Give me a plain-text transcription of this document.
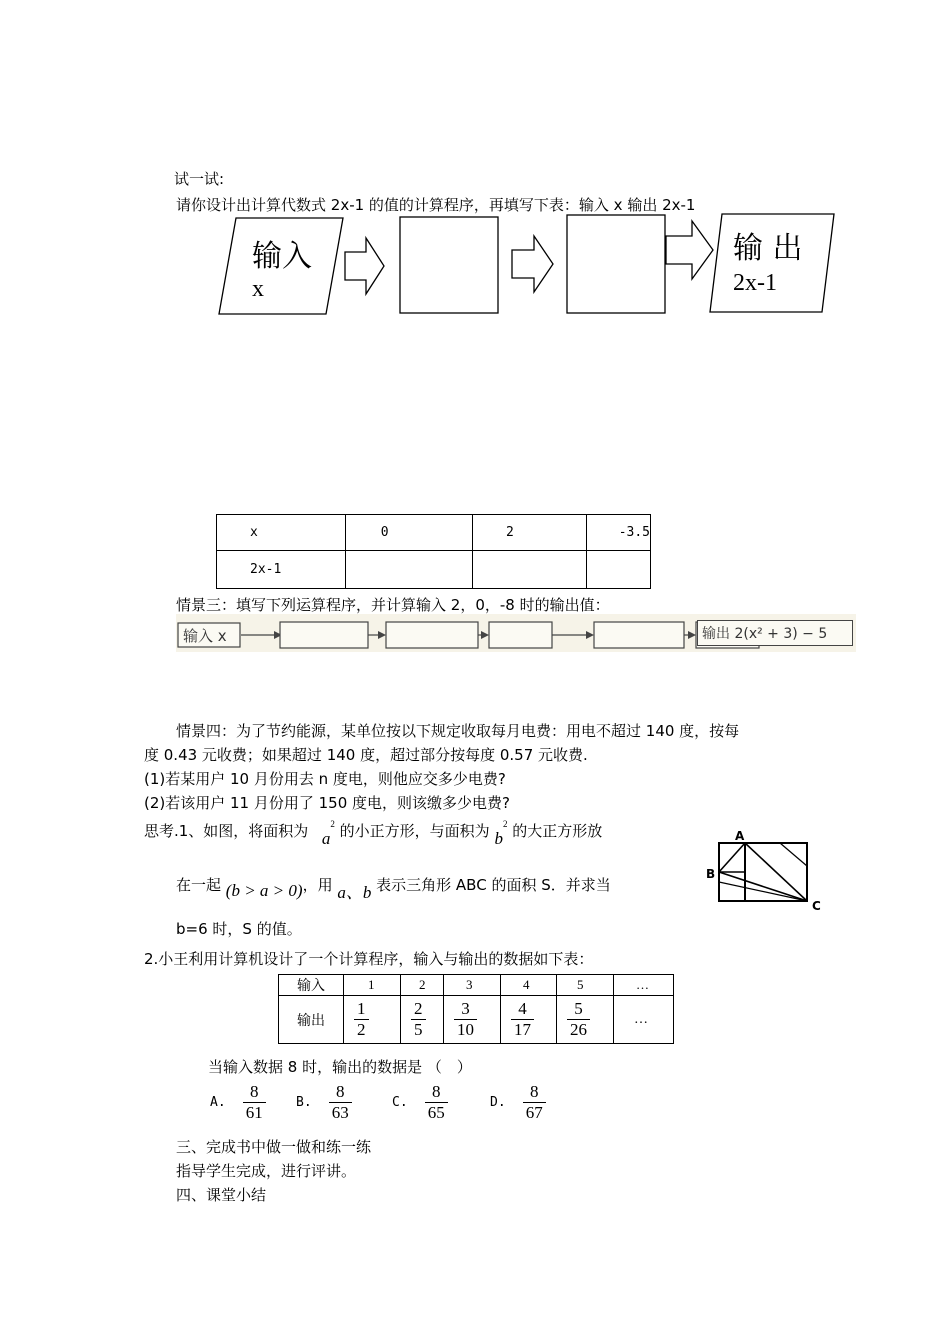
试一试:
请你设计出计算代数式 2x-1 的值的计算程序，再填写下表：输入 x 输出 2x-1
输入
x
输 出
2x-1
x	0	2	-3.5
2x-1			
情景三：填写下列运算程序，并计算输入 2，0，-8 时的输出值：
输入 x	输出 2(x² + 3) − 5
情景四：为了节约能源，某单位按以下规定收取每月电费：用电不超过 140 度，按每
度 0.43 元收费；如果超过 140 度，超过部分按每度 0.57 元收费.
(1)若某用户 10 月份用去 n 度电，则他应交多少电费?
(2)若该用户 11 月份用了 150 度电，则该缴多少电费?
思考.1、如图，将面积为 $a^2$ 的小正方形，与面积为 $b^2$ 的大正方形放
在一起 (b > a > 0)，用 a、b 表示三角形 ABC 的面积 S．并求当
b=6 时，S 的值。
A
B
C
2.小王利用计算机设计了一个计算程序，输入与输出的数据如下表：
输入	1	2	3	4	5	…
输出	$\frac{1}{2}$	$\frac{2}{5}$	$\frac{3}{10}$	$\frac{4}{17}$	$\frac{5}{26}$	…
当输入数据 8 时，输出的数据是 （　）
A. $\frac{8}{61} B$. $\frac{8}{63}$	C. $\frac{8}{65}$	D. $\frac{8}{67}$
三、完成书中做一做和练一练
指导学生完成，进行评讲。
四、课堂小结
